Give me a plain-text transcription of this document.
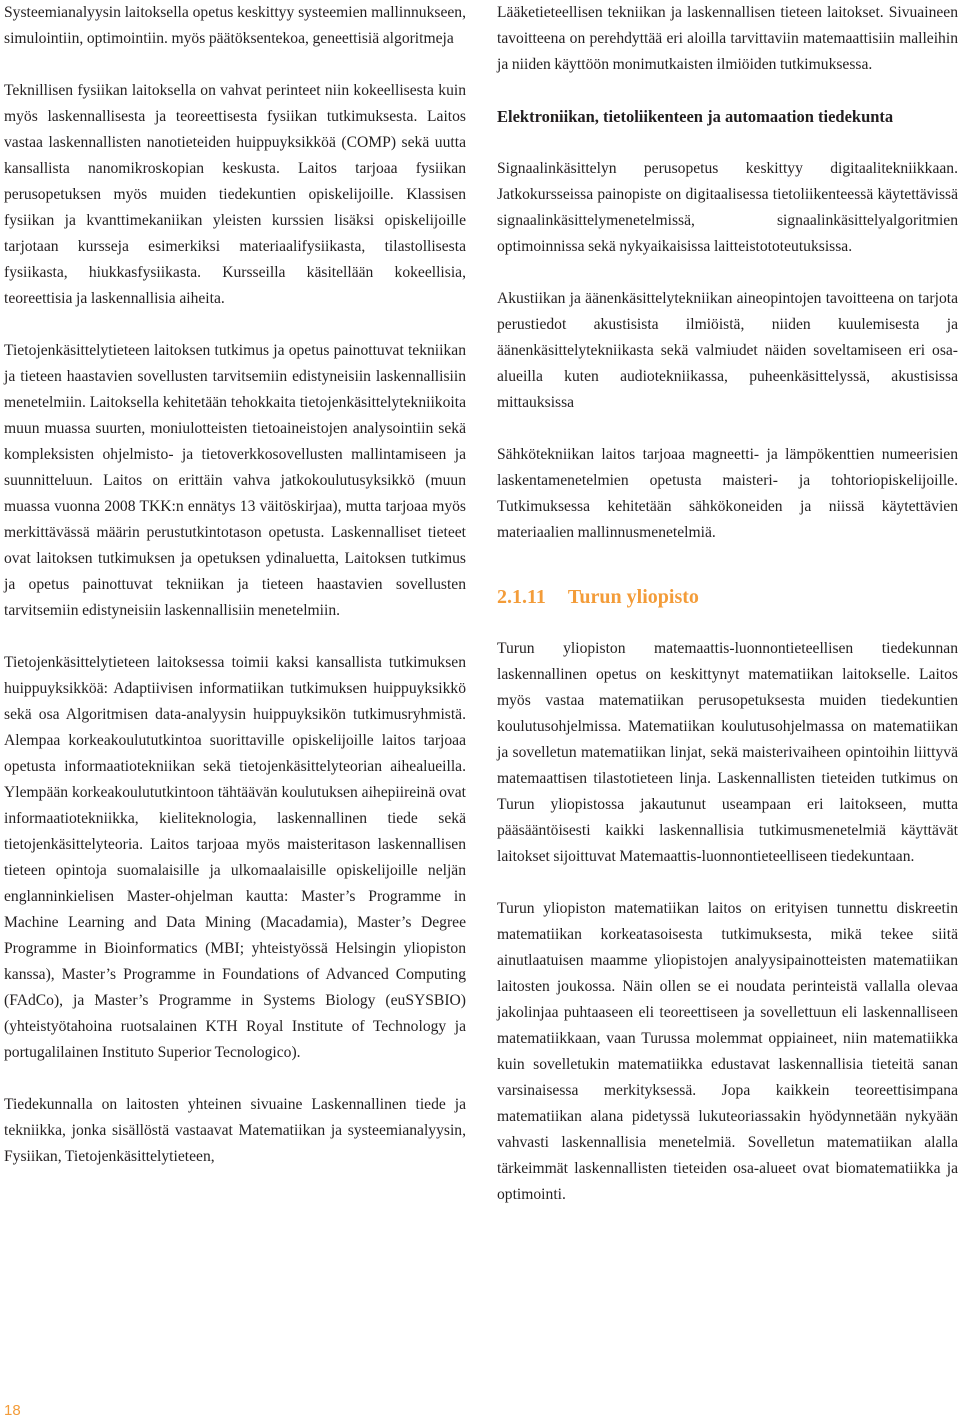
Systeemianalyysin laitoksella opetus keskittyy systeemien mallinnukseen, simulointiin, optimointiin. myös päätöksentekoa, geneettisiä algoritmeja

Teknillisen fysiikan laitoksella on vahvat perinteet niin kokeellisesta kuin myös laskennallisesta ja teoreettisesta fysiikan tutkimuksesta. Laitos vastaa laskennallisten nanotieteiden huippuyksikköä (COMP) sekä uutta kansallista nanomikroskopian keskusta. Laitos tarjoaa fysiikan perusopetuksen myös muiden tiedekuntien opiskelijoille. Klassisen fysiikan ja kvanttimekaniikan yleisten kurssien lisäksi opiskelijoille tarjotaan kursseja esimerkiksi materiaalifysiikasta, tilastollisesta fysiikasta, hiukkasfysiikasta. Kursseilla käsitellään kokeellisia, teoreettisia ja laskennallisia aiheita.

Tietojenkäsittelytieteen laitoksen tutkimus ja opetus painottuvat tekniikan ja tieteen haastavien sovellusten tarvitsemiin edistyneisiin laskennallisiin menetelmiin. Laitoksella kehitetään tehokkaita tietojenkäsittelytekniikoita muun muassa suurten, moniulotteisten tietoaineistojen analysointiin sekä kompleksisten ohjelmisto- ja tietoverkkosovellusten mallintamiseen ja suunnitteluun. Laitos on erittäin vahva jatkokoulutusyksikkö (muun muassa vuonna 2008 TKK:n ennätys 13 väitöskirjaa), mutta tarjoaa myös merkittävässä määrin perustutkintotason opetusta. Laskennalliset tieteet ovat laitoksen tutkimuksen ja opetuksen ydinaluetta, Laitoksen tutkimus ja opetus painottuvat tekniikan ja tieteen haastavien sovellusten tarvitsemiin edistyneisiin laskennallisiin menetelmiin.

Tietojenkäsittelytieteen laitoksessa toimii kaksi kansallista tutkimuksen huippuyksikköä: Adaptiivisen informatiikan tutkimuksen huippuyksikkö sekä osa Algoritmisen data-analyysin huippuyksikön tutkimusryhmistä. Alempaa korkeakoulututkintoa suorittaville opiskelijoille laitos tarjoaa opetusta informaatiotekniikan sekä tietojenkäsittelyteorian aihealueilla. Ylempään korkeakoulututkintoon tähtäävän koulutuksen aihepiireinä ovat informaatiotekniikka, kieliteknologia, laskennallinen tiede sekä tietojenkäsittelyteoria. Laitos tarjoaa myös maisteritason laskennallisen tieteen opintoja suomalaisille ja ulkomaalaisille opiskelijoille neljän englanninkielisen Master-ohjelman kautta: Master’s Programme in Machine Learning and Data Mining (Macadamia), Master’s Degree Programme in Bioinformatics (MBI; yhteistyössä Helsingin yliopiston kanssa), Master’s Programme in Foundations of Advanced Computing (FAdCo), ja Master’s Programme in Systems Biology (euSYSBIO) (yhteistyötahoina ruotsalainen KTH Royal Institute of Technology ja portugalilainen Instituto Superior Tecnologico).

Tiedekunnalla on laitosten yhteinen sivuaine Laskennallinen tiede ja tekniikka, jonka sisällöstä vastaavat Matematiikan ja systeemianalyysin, Fysiikan, Tietojenkäsittelytieteen,

Lääketieteellisen tekniikan ja laskennallisen tieteen laitokset. Sivuaineen tavoitteena on perehdyttää eri aloilla tarvittaviin matemaattisiin malleihin ja niiden käyttöön monimutkaisten ilmiöiden tutkimuksessa.

Elektroniikan, tietoliikenteen ja automaation tiedekunta

Signaalinkäsittelyn perusopetus keskittyy digitaalitekniikkaan. Jatkokursseissa painopiste on digitaalisessa tietoliikenteessä käytettävissä signaalinkäsittelymenetelmissä, signaalinkäsittelyalgoritmien optimoinnissa sekä nykyaikaisissa laitteistototeutuksissa.

Akustiikan ja äänenkäsittelytekniikan aineopintojen tavoitteena on tarjota perustiedot akustisista ilmiöistä, niiden kuulemisesta ja äänenkäsittelytekniikasta sekä valmiudet näiden soveltamiseen eri osa-alueilla kuten audiotekniikassa, puheenkäsittelyssä, akustisissa mittauksissa

Sähkötekniikan laitos tarjoaa magneetti- ja lämpökenttien numeerisien laskentamenetelmien opetusta maisteri- ja tohtoriopiskelijoille. Tutkimuksessa kehitetään sähkökoneiden ja niissä käytettävien materiaalien mallinnusmenetelmiä.

2.1.11 Turun yliopisto

Turun yliopiston matemaattis-luonnontieteellisen tiedekunnan laskennallinen opetus on keskittynyt matematiikan laitokselle. Laitos myös vastaa matematiikan perusopetuksesta muiden tiedekuntien koulutusohjelmissa. Matematiikan koulutusohjelmassa on matematiikan ja sovelletun matematiikan linjat, sekä maisterivaiheen opintoihin liittyvä matemaattisen tilastotieteen linja. Laskennallisten tieteiden tutkimus on Turun yliopistossa jakautunut useampaan eri laitokseen, mutta pääsääntöisesti kaikki laskennallisia tutkimusmenetelmiä käyttävät laitokset sijoittuvat Matemaattis-luonnontieteelliseen tiedekuntaan.

Turun yliopiston matematiikan laitos on erityisen tunnettu diskreetin matematiikan korkeatasoisesta tutkimuksesta, mikä tekee siitä ainutlaatuisen maamme yliopistojen analyysipainotteisten matematiikan laitosten joukossa. Näin ollen se ei noudata perinteistä vallalla olevaa jakolinjaa puhtaaseen eli teoreettiseen ja sovellettuun eli laskennalliseen matematiikkaan, vaan Turussa molemmat oppiaineet, niin matematiikka kuin sovelletukin matematiikka edustavat laskennallisia tieteitä sanan varsinaisessa merkityksessä. Jopa kaikkein teoreettisimpana matematiikan alana pidetyssä lukuteoriassakin hyödynnetään nykyään vahvasti laskennallisia menetelmiä. Sovelletun matematiikan alalla tärkeimmät laskennallisten tieteiden osa-alueet ovat biomatematiikka ja optimointi.

18
